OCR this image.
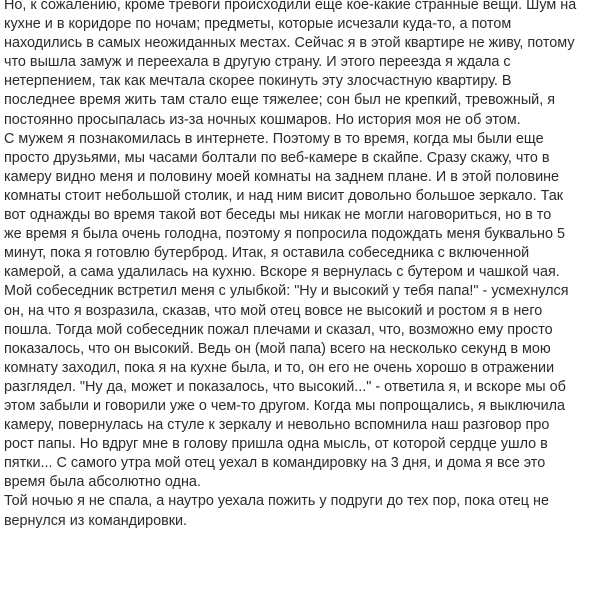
Но, к сожалению, кроме тревоги происходили еще кое-какие странные вещи. Шум на
кухне и в коридоре по ночам; предметы, которые исчезали куда-то, а потом
находились в самых неожиданных местах. Сейчас я в этой квартире не живу, потому
что вышла замуж и переехала в другую страну. И этого переезда я ждала с
нетерпением, так как мечтала скорее покинуть эту злосчастную квартиру. В
последнее время жить там стало еще тяжелее; сон был не крепкий, тревожный, я
постоянно просыпалась из-за ночных кошмаров. Но история моя не об этом.

С мужем я познакомилась в интернете. Поэтому в то время, когда мы были еще
просто друзьями, мы часами болтали по веб-камере в скайпе. Сразу скажу, что в
камеру видно меня и половину моей комнаты на заднем плане. И в этой половине
комнаты стоит небольшой столик, и над ним висит довольно большое зеркало. Так
вот однажды во время такой вот беседы мы никак не могли наговориться, но в то
же время я была очень голодна, поэтому я попросила подождать меня буквально 5
минут, пока я готовлю бутерброд. Итак, я оставила собеседника с включенной
камерой, а сама удалилась на кухню. Вскоре я вернулась с бутером и чашкой чая.
Мой собеседник встретил меня с улыбкой: "Ну и высокий у тебя папа!" - усмехнулся
он, на что я возразила, сказав, что мой отец вовсе не высокий и ростом я в него
пошла. Тогда мой собеседник пожал плечами и сказал, что, возможно ему просто
показалось, что он высокий. Ведь он (мой папа) всего на несколько секунд в мою
комнату заходил, пока я на кухне была, и то, он его не очень хорошо в отражении
разглядел. "Ну да, может и показалось, что высокий..." - ответила я, и вскоре мы об
этом забыли и говорили уже о чем-то другом. Когда мы попрощались, я выключила
камеру, повернулась на стуле к зеркалу и невольно вспомнила наш разговор про
рост папы. Но вдруг мне в голову пришла одна мысль, от которой сердце ушло в
пятки... С самого утра мой отец уехал в командировку на 3 дня, и дома я все это
время была абсолютно одна.

Той ночью я не спала, а наутро уехала пожить у подруги до тех пор, пока отец не
вернулся из командировки.
